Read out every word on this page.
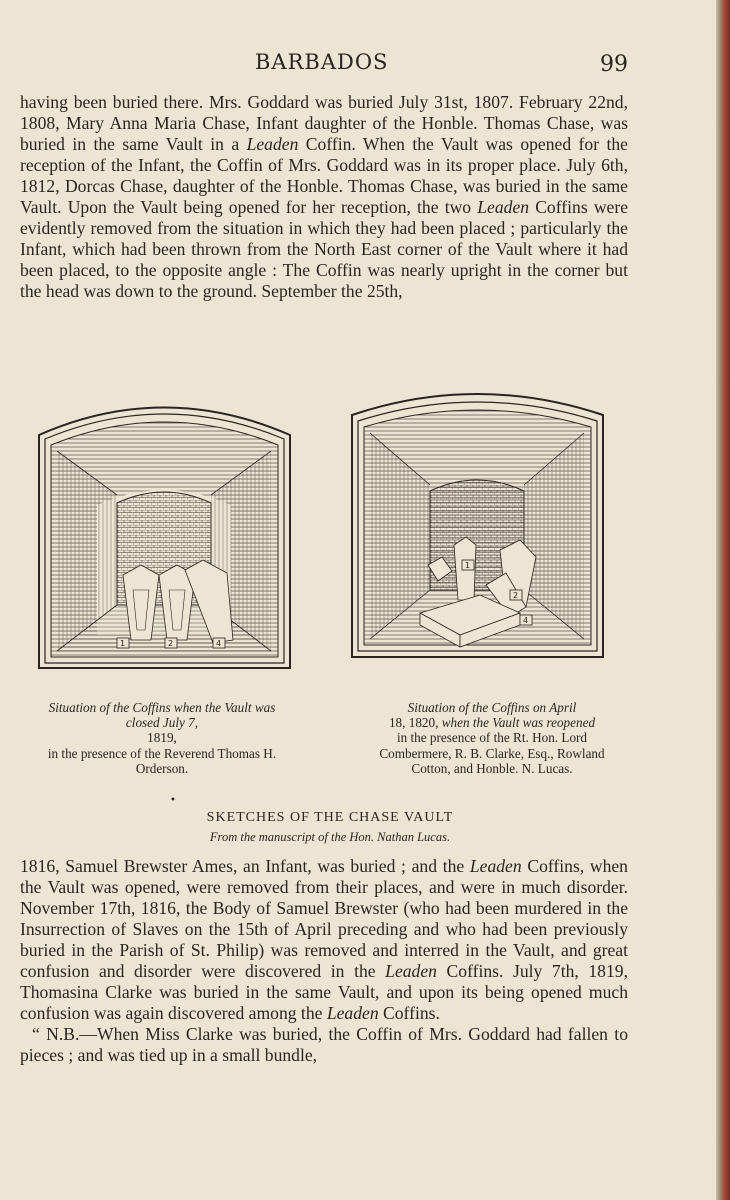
BARBADOS	99

having been buried there. Mrs. Goddard was buried July 31st, 1807. February 22nd, 1808, Mary Anna Maria Chase, Infant daughter of the Honble. Thomas Chase, was buried in the same Vault in a Leaden Coffin. When the Vault was opened for the reception of the Infant, the Coffin of Mrs. Goddard was in its proper place. July 6th, 1812, Dorcas Chase, daughter of the Honble. Thomas Chase, was buried in the same Vault. Upon the Vault being opened for her reception, the two Leaden Coffins were evidently removed from the situation in which they had been placed ; particularly the Infant, which had been thrown from the North East corner of the Vault where it had been placed, to the opposite angle : The Coffin was nearly upright in the corner but the head was down to the ground. September the 25th,

1	2	4
1
2
4
Situation of the Coffins when the Vault was closed July 7,
1819,
in the presence of the Reverend Thomas H. Orderson.
•
Situation of the Coffins on April
18, 1820, when the Vault was reopened
in the presence of the Rt. Hon. Lord Combermere, R. B. Clarke, Esq., Rowland Cotton, and Honble. N. Lucas.
SKETCHES OF THE CHASE VAULT
From the manuscript of the Hon. Nathan Lucas.

1816, Samuel Brewster Ames, an Infant, was buried ; and the Leaden Coffins, when the Vault was opened, were removed from their places, and were in much disorder. November 17th, 1816, the Body of Samuel Brewster (who had been murdered in the Insurrection of Slaves on the 15th of April preceding and who had been previously buried in the Parish of St. Philip) was removed and interred in the Vault, and great confusion and disorder were discovered in the Leaden Coffins. July 7th, 1819, Thomasina Clarke was buried in the same Vault, and upon its being opened much confusion was again discovered among the Leaden Coffins.

“ N.B.—When Miss Clarke was buried, the Coffin of Mrs. Goddard had fallen to pieces ; and was tied up in a small bundle,
